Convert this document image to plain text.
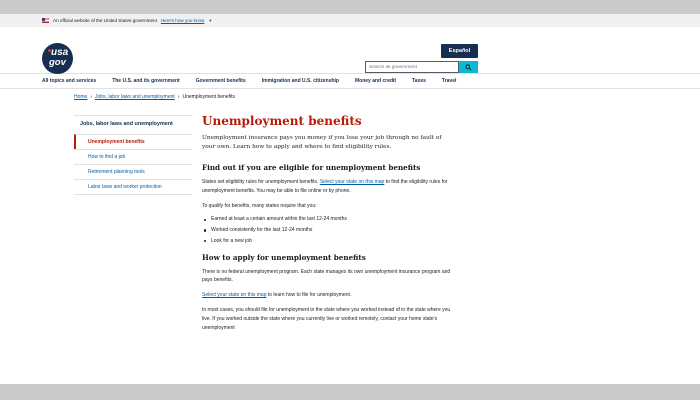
An official website of the United States government Here's how you know ▼
usa
gov
Español
Search all government
All topics and services	The U.S. and its government	Government benefits	Immigration and U.S. citizenship	Money and credit	Taxes	Travel
Home › Jobs, labor laws and unemployment › Unemployment benefits
Jobs, labor laws and unemployment
Unemployment benefits
How to find a job
Retirement planning tools
Labor laws and worker protection
Unemployment benefits
Unemployment insurance pays you money if you lose your job through no fault of your own. Learn how to apply and where to find eligibility rules.
Find out if you are eligible for unemployment benefits
States set eligibility rules for unemployment benefits. Select your state on this map to find the eligibility rules for unemployment benefits. You may be able to file online or by phone.
To qualify for benefits, many states require that you:
Earned at least a certain amount within the last 12-24 months
Worked consistently for the last 12-24 months
Look for a new job
How to apply for unemployment benefits
There is no federal unemployment program. Each state manages its own unemployment insurance program and pays benefits.
Select your state on this map to learn how to file for unemployment.
In most cases, you should file for unemployment in the state where you worked instead of in the state where you live. If you worked outside the state where you currently live or worked remotely, contact your home state's unemployment
